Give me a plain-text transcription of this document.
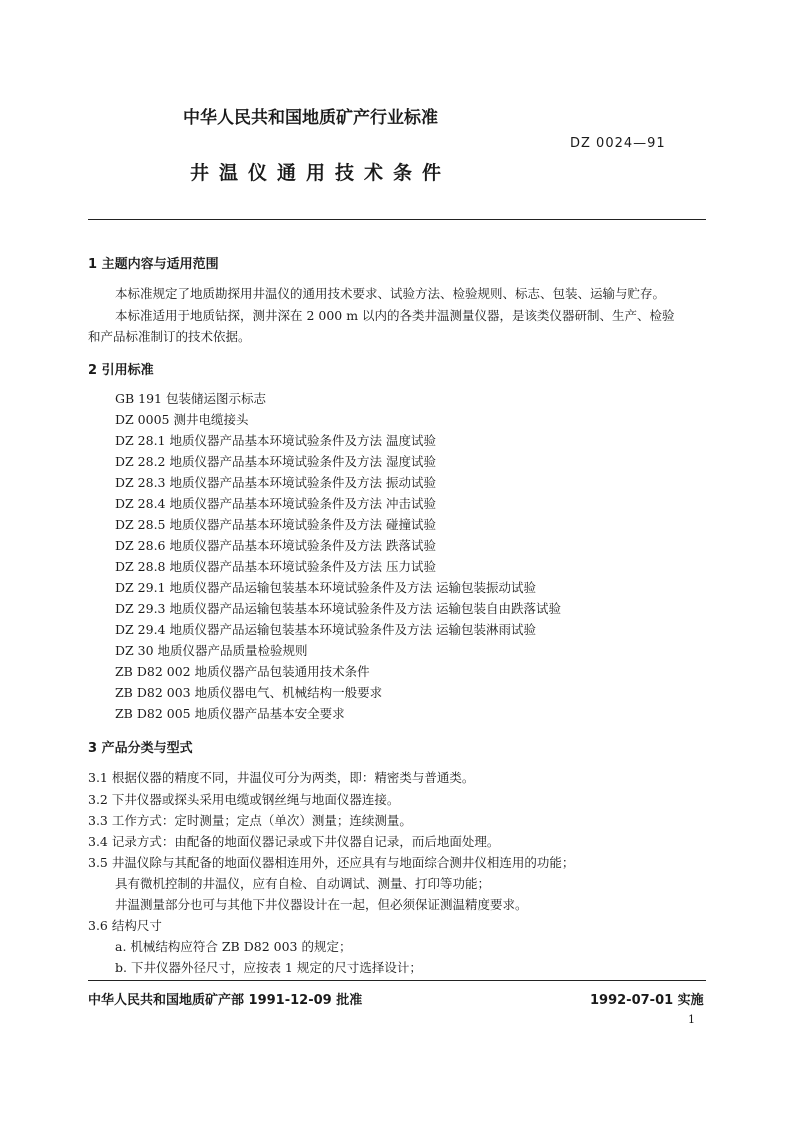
中华人民共和国地质矿产行业标准
DZ 0024—91
井温仪通用技术条件
1 主题内容与适用范围
本标准规定了地质勘探用井温仪的通用技术要求、试验方法、检验规则、标志、包装、运输与贮存。
本标准适用于地质钻探，测井深在 2 000 m 以内的各类井温测量仪器，是该类仪器研制、生产、检验
和产品标准制订的技术依据。
2 引用标准
GB 191 包装储运图示标志
DZ 0005 测井电缆接头
DZ 28.1 地质仪器产品基本环境试验条件及方法 温度试验
DZ 28.2 地质仪器产品基本环境试验条件及方法 湿度试验
DZ 28.3 地质仪器产品基本环境试验条件及方法 振动试验
DZ 28.4 地质仪器产品基本环境试验条件及方法 冲击试验
DZ 28.5 地质仪器产品基本环境试验条件及方法 碰撞试验
DZ 28.6 地质仪器产品基本环境试验条件及方法 跌落试验
DZ 28.8 地质仪器产品基本环境试验条件及方法 压力试验
DZ 29.1 地质仪器产品运输包装基本环境试验条件及方法 运输包装振动试验
DZ 29.3 地质仪器产品运输包装基本环境试验条件及方法 运输包装自由跌落试验
DZ 29.4 地质仪器产品运输包装基本环境试验条件及方法 运输包装淋雨试验
DZ 30 地质仪器产品质量检验规则
ZB D82 002 地质仪器产品包装通用技术条件
ZB D82 003 地质仪器电气、机械结构一般要求
ZB D82 005 地质仪器产品基本安全要求
3 产品分类与型式
3.1 根据仪器的精度不同，井温仪可分为两类，即：精密类与普通类。
3.2 下井仪器或探头采用电缆或钢丝绳与地面仪器连接。
3.3 工作方式：定时测量；定点（单次）测量；连续测量。
3.4 记录方式：由配备的地面仪器记录或下井仪器自记录，而后地面处理。
3.5 井温仪除与其配备的地面仪器相连用外，还应具有与地面综合测井仪相连用的功能；
具有微机控制的井温仪，应有自检、自动调试、测量、打印等功能；
井温测量部分也可与其他下井仪器设计在一起，但必须保证测温精度要求。
3.6 结构尺寸
a. 机械结构应符合 ZB D82 003 的规定；
b. 下井仪器外径尺寸，应按表 1 规定的尺寸选择设计；
中华人民共和国地质矿产部 1991-12-09 批准	1992-07-01 实施
1
